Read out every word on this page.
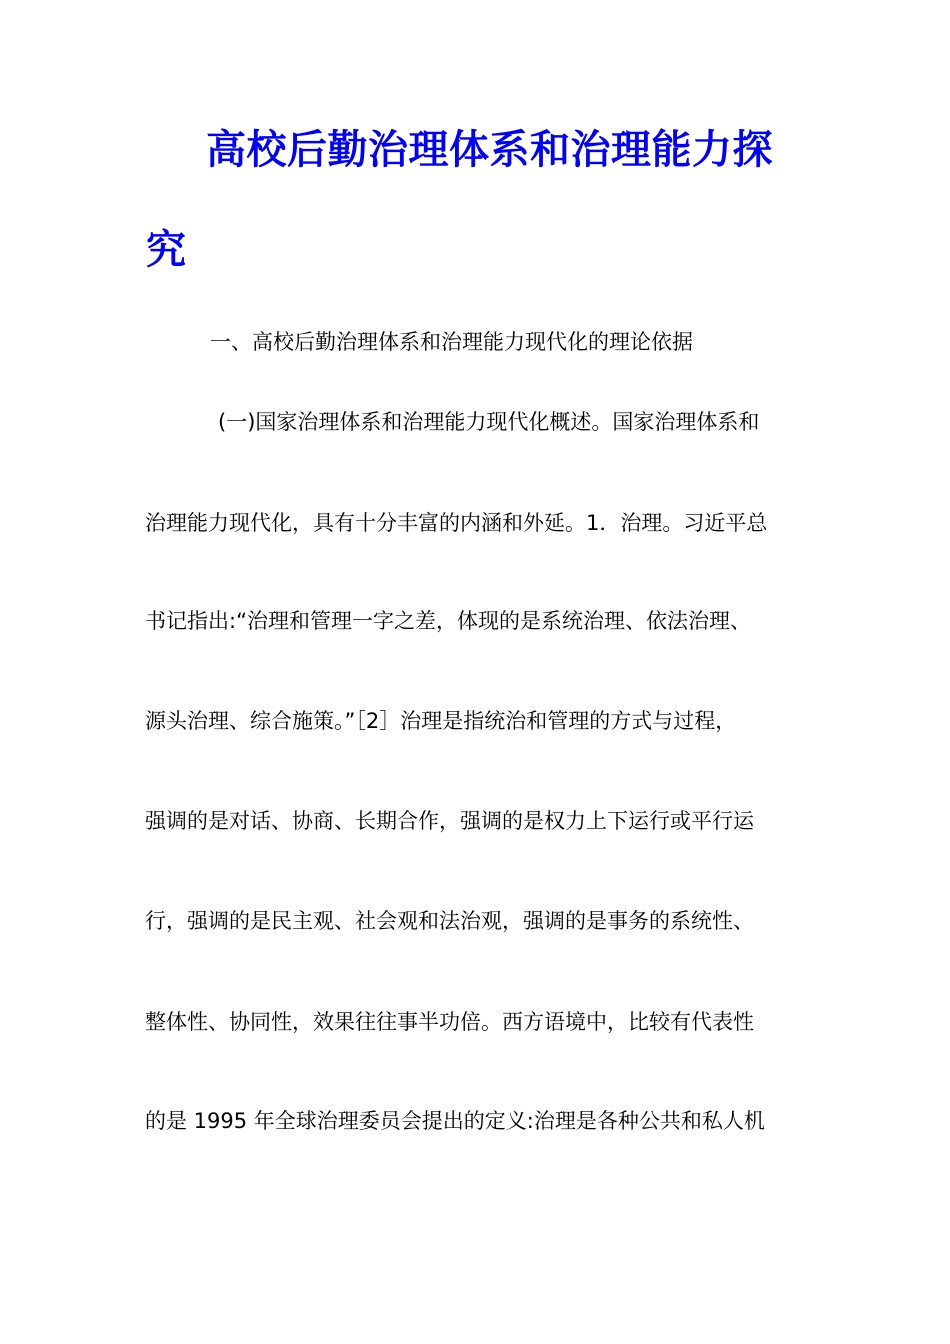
高校后勤治理体系和治理能力探
究
一、高校后勤治理体系和治理能力现代化的理论依据
(一)国家治理体系和治理能力现代化概述。国家治理体系和
治理能力现代化，具有十分丰富的内涵和外延。1．治理。习近平总
书记指出:“治理和管理一字之差，体现的是系统治理、依法治理、
源头治理、综合施策。”［2］治理是指统治和管理的方式与过程，
强调的是对话、协商、长期合作，强调的是权力上下运行或平行运
行，强调的是民主观、社会观和法治观，强调的是事务的系统性、
整体性、协同性，效果往往事半功倍。西方语境中，比较有代表性
的是 1995 年全球治理委员会提出的定义:治理是各种公共和私人机
